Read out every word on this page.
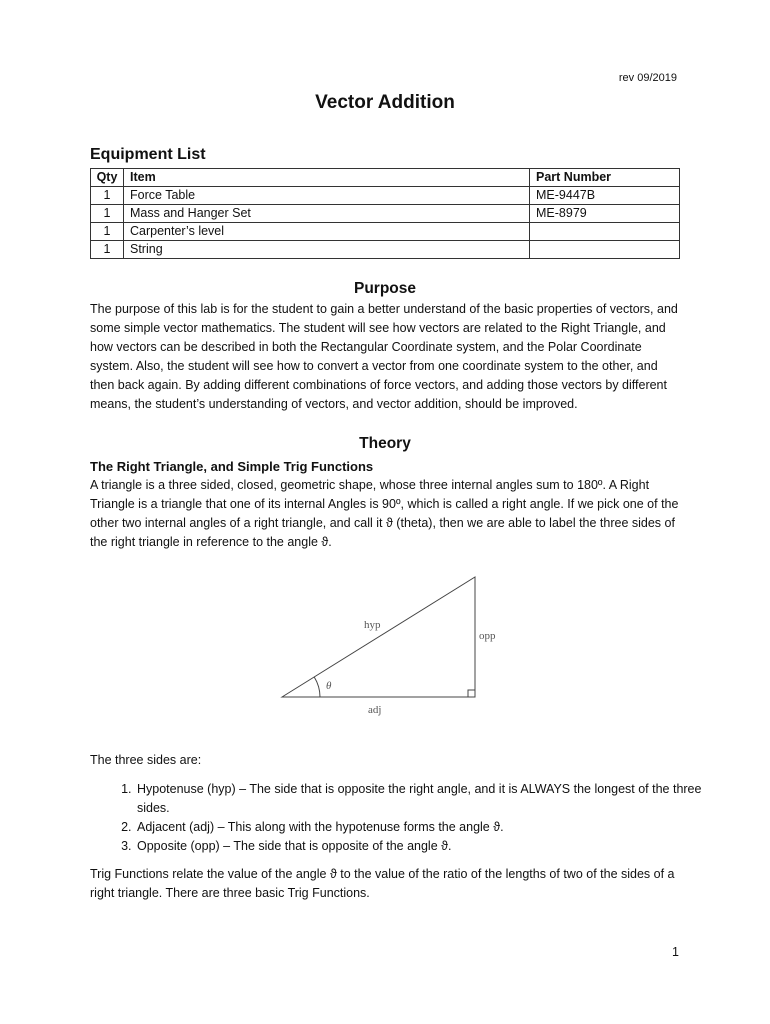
rev 09/2019
Vector Addition
Equipment List
Qty	Item	Part Number
1	Force Table	ME-9447B
1	Mass and Hanger Set	ME-8979
1	Carpenter’s level	
1	String	
Purpose
The purpose of this lab is for the student to gain a better understand of the basic properties of vectors, and some simple vector mathematics. The student will see how vectors are related to the Right Triangle, and how vectors can be described in both the Rectangular Coordinate system, and the Polar Coordinate system. Also, the student will see how to convert a vector from one coordinate system to the other, and then back again. By adding different combinations of force vectors, and adding those vectors by different means, the student’s understanding of vectors, and vector addition, should be improved.
Theory
The Right Triangle, and Simple Trig Functions
A triangle is a three sided, closed, geometric shape, whose three internal angles sum to 180º. A Right Triangle is a triangle that one of its internal Angles is 90º, which is called a right angle. If we pick one of the other two internal angles of a right triangle, and call it ϑ (theta), then we are able to label the three sides of the right triangle in reference to the angle ϑ.
hyp
opp
adj
θ
The three sides are:
1. Hypotenuse (hyp) – The side that is opposite the right angle, and it is ALWAYS the longest of the three sides.
2. Adjacent (adj) – This along with the hypotenuse forms the angle ϑ.
3. Opposite (opp) – The side that is opposite of the angle ϑ.
Trig Functions relate the value of the angle ϑ to the value of the ratio of the lengths of two of the sides of a right triangle. There are three basic Trig Functions.
1
